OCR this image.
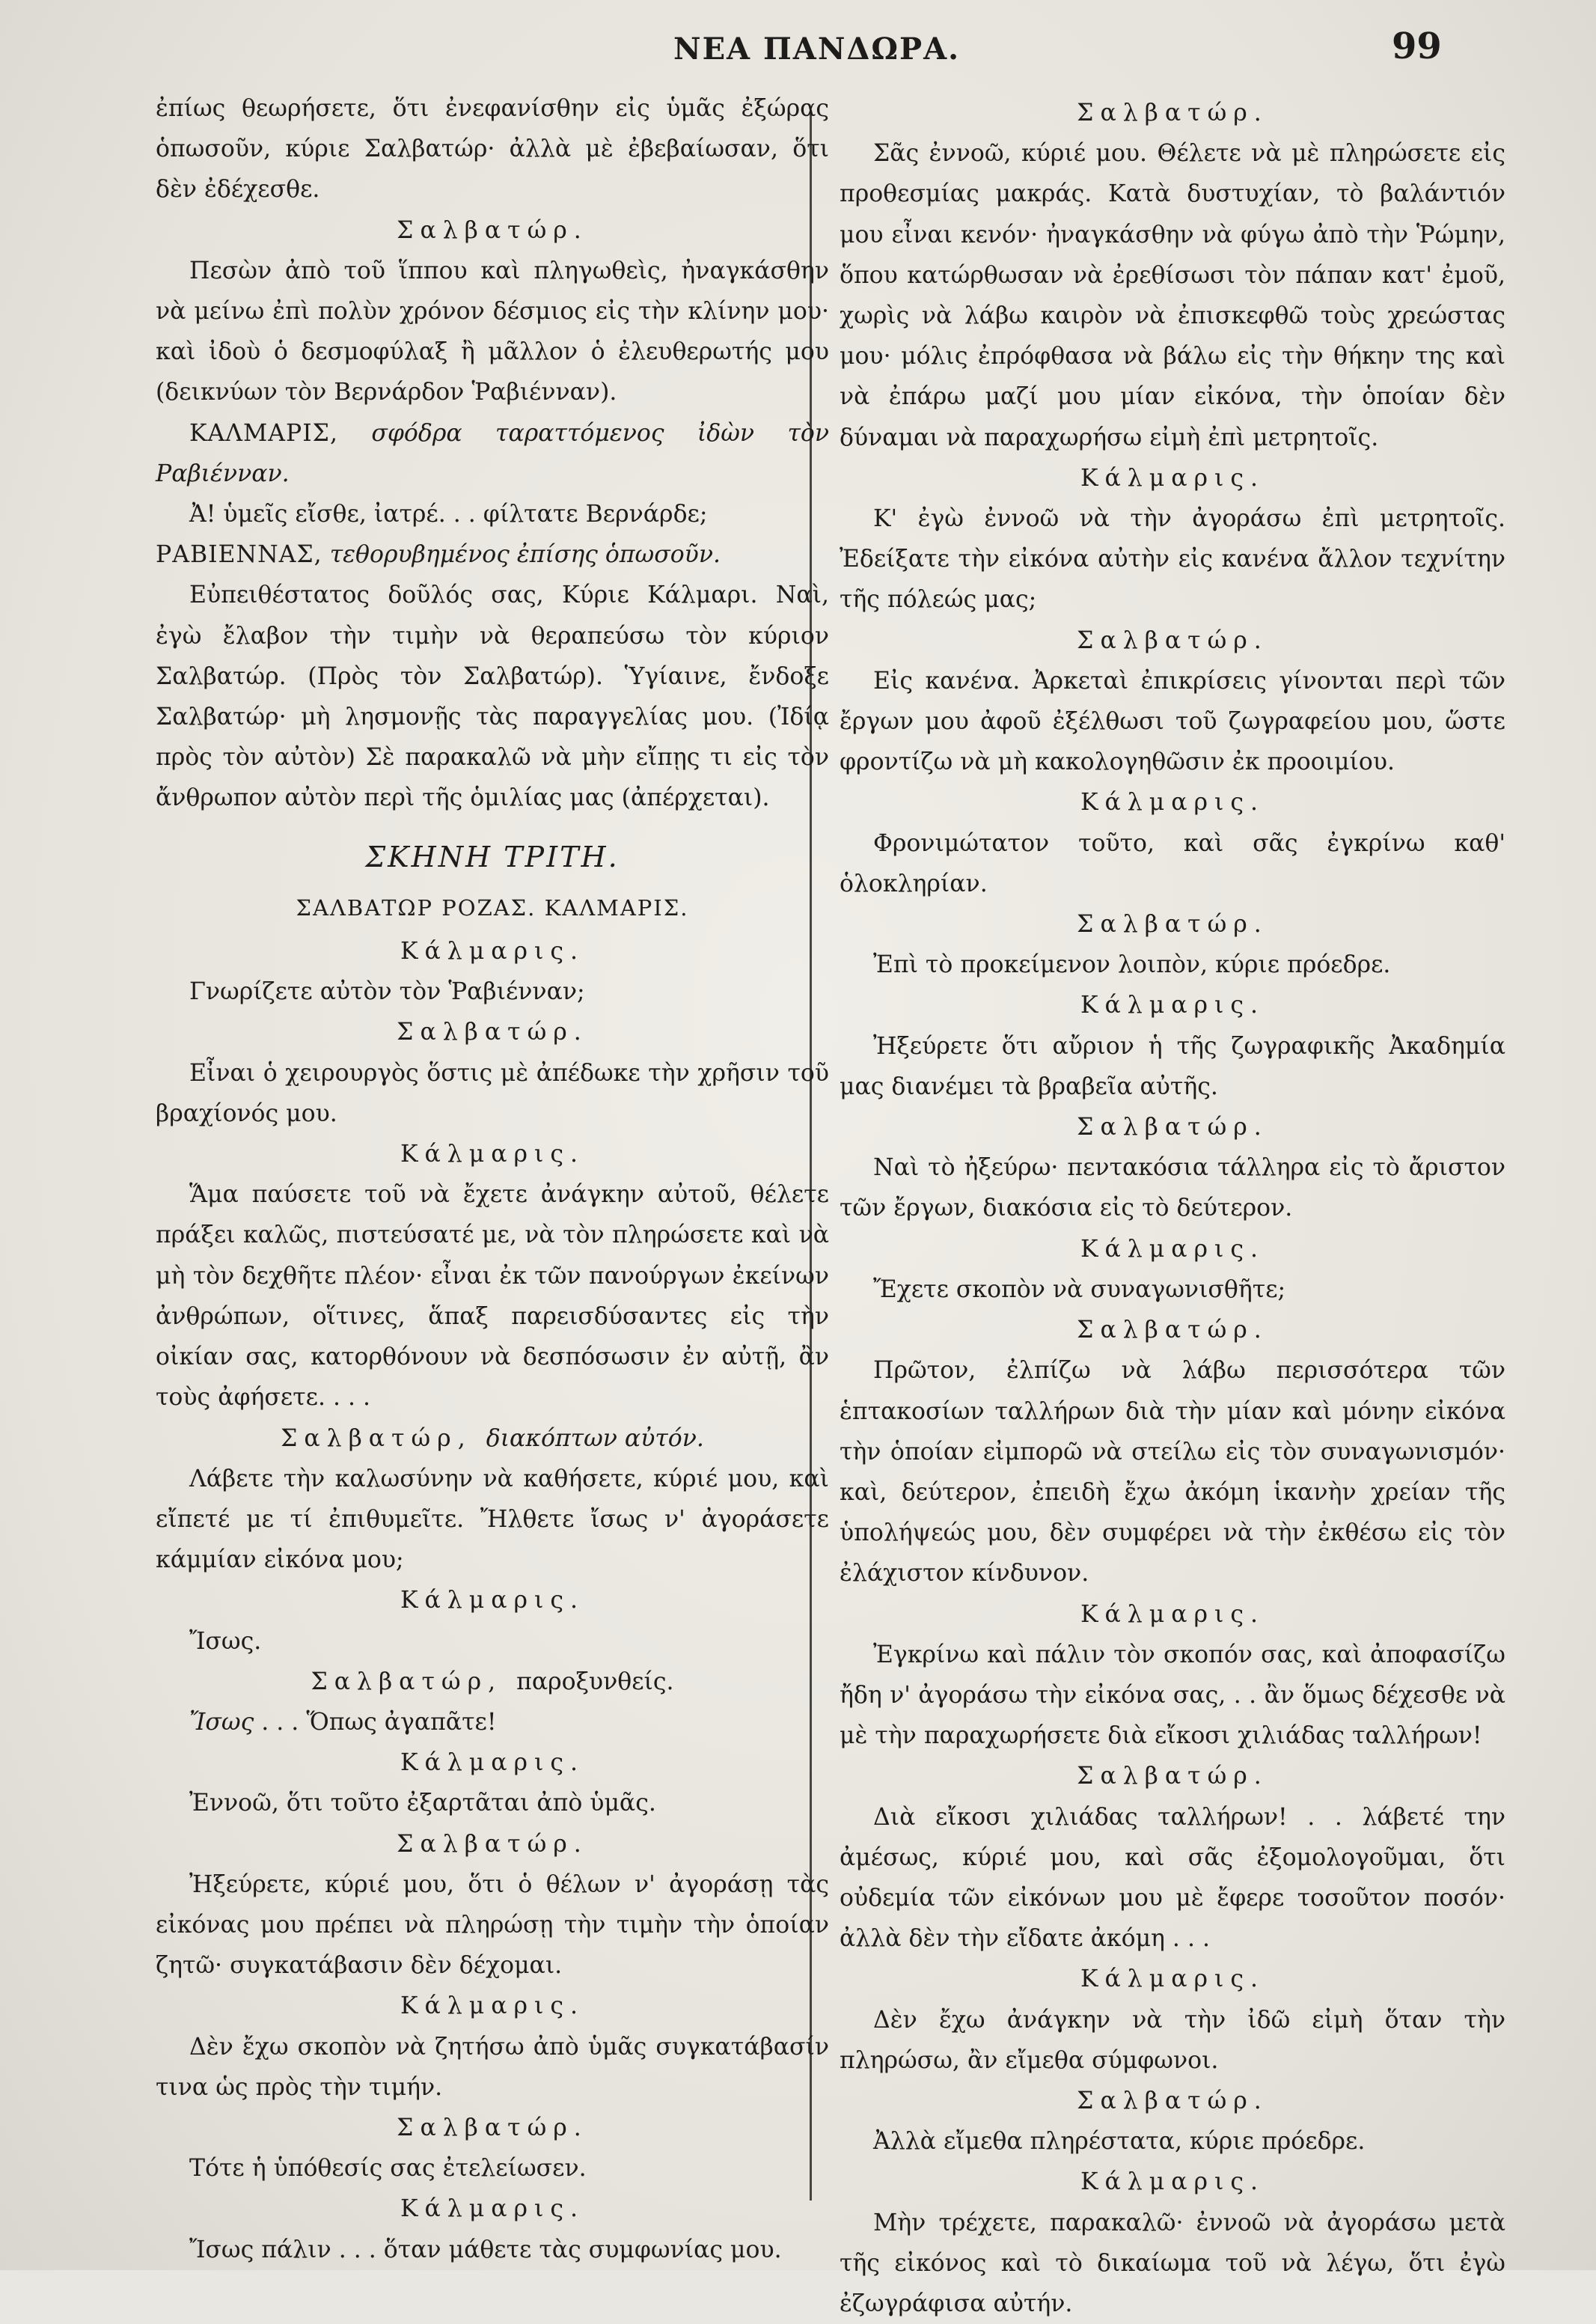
ΝΕΑ ΠΑΝΔΩΡΑ.	99

ἐπίως θεωρήσετε, ὅτι ἐνεφανίσθην εἰς ὑμᾶς ἐξώρας ὁπωσοῦν, κύριε Σαλβατώρ· ἀλλὰ μὲ ἐβεβαίωσαν, ὅτι δὲν ἐδέχεσθε.

Σαλβατώρ.

Πεσὼν ἀπὸ τοῦ ἵππου καὶ πληγωθεὶς, ἠναγκάσθην νὰ μείνω ἐπὶ πολὺν χρόνον δέσμιος εἰς τὴν κλίνην μου· καὶ ἰδοὺ ὁ δεσμοφύλαξ ἢ μᾶλλον ὁ ἐλευθερωτής μου (δεικνύων τὸν Βερνάρδον Ῥαβιένναν).

ΚΑΛΜΑΡΙΣ, σφόδρα ταραττόμενος ἰδὼν τὸν Ραβιένναν.

Ἀ! ὑμεῖς εἴσθε, ἰατρέ. . . φίλτατε Βερνάρδε;

ΡΑΒΙΕΝΝΑΣ, τεθορυβημένος ἐπίσης ὁπωσοῦν.

Εὐπειθέστατος δοῦλός σας, Κύριε Κάλμαρι. Ναὶ, ἐγὼ ἔλαβον τὴν τιμὴν νὰ θεραπεύσω τὸν κύριον Σαλβατώρ. (Πρὸς τὸν Σαλβατώρ). Ὑγίαινε, ἔνδοξε Σαλβατώρ· μὴ λησμονῇς τὰς παραγγελίας μου. (Ἰδίᾳ πρὸς τὸν αὐτὸν) Σὲ παρακαλῶ νὰ μὴν εἴπῃς τι εἰς τὸν ἄνθρωπον αὐτὸν περὶ τῆς ὁμιλίας μας (ἀπέρχεται).

ΣΚΗΝΗ ΤΡΙΤΗ.

ΣΑΛΒΑΤΩΡ ΡΟΖΑΣ. ΚΑΛΜΑΡΙΣ.

Κάλμαρις.

Γνωρίζετε αὐτὸν τὸν Ῥαβιένναν;

Σαλβατώρ.

Εἶναι ὁ χειρουργὸς ὅστις μὲ ἀπέδωκε τὴν χρῆσιν τοῦ βραχίονός μου.

Κάλμαρις.

Ἅμα παύσετε τοῦ νὰ ἔχετε ἀνάγκην αὐτοῦ, θέλετε πράξει καλῶς, πιστεύσατέ με, νὰ τὸν πληρώσετε καὶ νὰ μὴ τὸν δεχθῆτε πλέον· εἶναι ἐκ τῶν πανούργων ἐκείνων ἀνθρώπων, οἵτινες, ἅπαξ παρεισδύσαντες εἰς τὴν οἰκίαν σας, κατορθόνουν νὰ δεσπόσωσιν ἐν αὐτῇ, ἂν τοὺς ἀφήσετε. . . .

Σαλβατώρ, διακόπτων αὐτόν.

Λάβετε τὴν καλωσύνην νὰ καθήσετε, κύριέ μου, καὶ εἴπετέ με τί ἐπιθυμεῖτε. Ἤλθετε ἴσως ν' ἀγοράσετε κάμμίαν εἰκόνα μου;

Κάλμαρις.

Ἴσως.

Σαλβατώρ, παροξυνθείς.

Ἴσως . . . Ὅπως ἀγαπᾶτε!

Κάλμαρις.

Ἐννοῶ, ὅτι τοῦτο ἐξαρτᾶται ἀπὸ ὑμᾶς.

Σαλβατώρ.

Ἠξεύρετε, κύριέ μου, ὅτι ὁ θέλων ν' ἀγοράσῃ τὰς εἰκόνας μου πρέπει νὰ πληρώσῃ τὴν τιμὴν τὴν ὁποίαν ζητῶ· συγκατάβασιν δὲν δέχομαι.

Κάλμαρις.

Δὲν ἔχω σκοπὸν νὰ ζητήσω ἀπὸ ὑμᾶς συγκατάβασίν τινα ὡς πρὸς τὴν τιμήν.

Σαλβατώρ.

Τότε ἡ ὑπόθεσίς σας ἐτελείωσεν.

Κάλμαρις.

Ἴσως πάλιν . . . ὅταν μάθετε τὰς συμφωνίας μου.

Σαλβατώρ.

Σᾶς ἐννοῶ, κύριέ μου. Θέλετε νὰ μὲ πληρώσετε εἰς προθεσμίας μακράς. Κατὰ δυστυχίαν, τὸ βαλάντιόν μου εἶναι κενόν· ἠναγκάσθην νὰ φύγω ἀπὸ τὴν Ῥώμην, ὅπου κατώρθωσαν νὰ ἐρεθίσωσι τὸν πάπαν κατ' ἐμοῦ, χωρὶς νὰ λάβω καιρὸν νὰ ἐπισκεφθῶ τοὺς χρεώστας μου· μόλις ἐπρόφθασα νὰ βάλω εἰς τὴν θήκην της καὶ νὰ ἐπάρω μαζί μου μίαν εἰκόνα, τὴν ὁποίαν δὲν δύναμαι νὰ παραχωρήσω εἰμὴ ἐπὶ μετρητοῖς.

Κάλμαρις.

Κ' ἐγὼ ἐννοῶ νὰ τὴν ἀγοράσω ἐπὶ μετρητοῖς. Ἐδείξατε τὴν εἰκόνα αὐτὴν εἰς κανένα ἄλλον τεχνίτην τῆς πόλεώς μας;

Σαλβατώρ.

Εἰς κανένα. Ἀρκεταὶ ἐπικρίσεις γίνονται περὶ τῶν ἔργων μου ἀφοῦ ἐξέλθωσι τοῦ ζωγραφείου μου, ὥστε φροντίζω νὰ μὴ κακολογηθῶσιν ἐκ προοιμίου.

Κάλμαρις.

Φρονιμώτατον τοῦτο, καὶ σᾶς ἐγκρίνω καθ' ὁλοκληρίαν.

Σαλβατώρ.

Ἐπὶ τὸ προκείμενον λοιπὸν, κύριε πρόεδρε.

Κάλμαρις.

Ἠξεύρετε ὅτι αὔριον ἡ τῆς ζωγραφικῆς Ἀκαδημία μας διανέμει τὰ βραβεῖα αὐτῆς.

Σαλβατώρ.

Ναὶ τὸ ἠξεύρω· πεντακόσια τάλληρα εἰς τὸ ἄριστον τῶν ἔργων, διακόσια εἰς τὸ δεύτερον.

Κάλμαρις.

Ἔχετε σκοπὸν νὰ συναγωνισθῆτε;

Σαλβατώρ.

Πρῶτον, ἐλπίζω νὰ λάβω περισσότερα τῶν ἑπτακοσίων ταλλήρων διὰ τὴν μίαν καὶ μόνην εἰκόνα τὴν ὁποίαν εἰμπορῶ νὰ στείλω εἰς τὸν συναγωνισμόν· καὶ, δεύτερον, ἐπειδὴ ἔχω ἀκόμη ἱκανὴν χρείαν τῆς ὑπολήψεώς μου, δὲν συμφέρει νὰ τὴν ἐκθέσω εἰς τὸν ἐλάχιστον κίνδυνον.

Κάλμαρις.

Ἐγκρίνω καὶ πάλιν τὸν σκοπόν σας, καὶ ἀποφασίζω ἤδη ν' ἀγοράσω τὴν εἰκόνα σας, . . ἂν ὅμως δέχεσθε νὰ μὲ τὴν παραχωρήσετε διὰ εἴκοσι χιλιάδας ταλλήρων!

Σαλβατώρ.

Διὰ εἴκοσι χιλιάδας ταλλήρων! . . λάβετέ την ἀμέσως, κύριέ μου, καὶ σᾶς ἐξομολογοῦμαι, ὅτι οὐδεμία τῶν εἰκόνων μου μὲ ἔφερε τοσοῦτον ποσόν· ἀλλὰ δὲν τὴν εἴδατε ἀκόμη . . .

Κάλμαρις.

Δὲν ἔχω ἀνάγκην νὰ τὴν ἰδῶ εἰμὴ ὅταν τὴν πληρώσω, ἂν εἴμεθα σύμφωνοι.

Σαλβατώρ.

Ἀλλὰ εἴμεθα πληρέστατα, κύριε πρόεδρε.

Κάλμαρις.

Μὴν τρέχετε, παρακαλῶ· ἐννοῶ νὰ ἀγοράσω μετὰ τῆς εἰκόνος καὶ τὸ δικαίωμα τοῦ νὰ λέγω, ὅτι ἐγὼ ἐζωγράφισα αὐτήν.
